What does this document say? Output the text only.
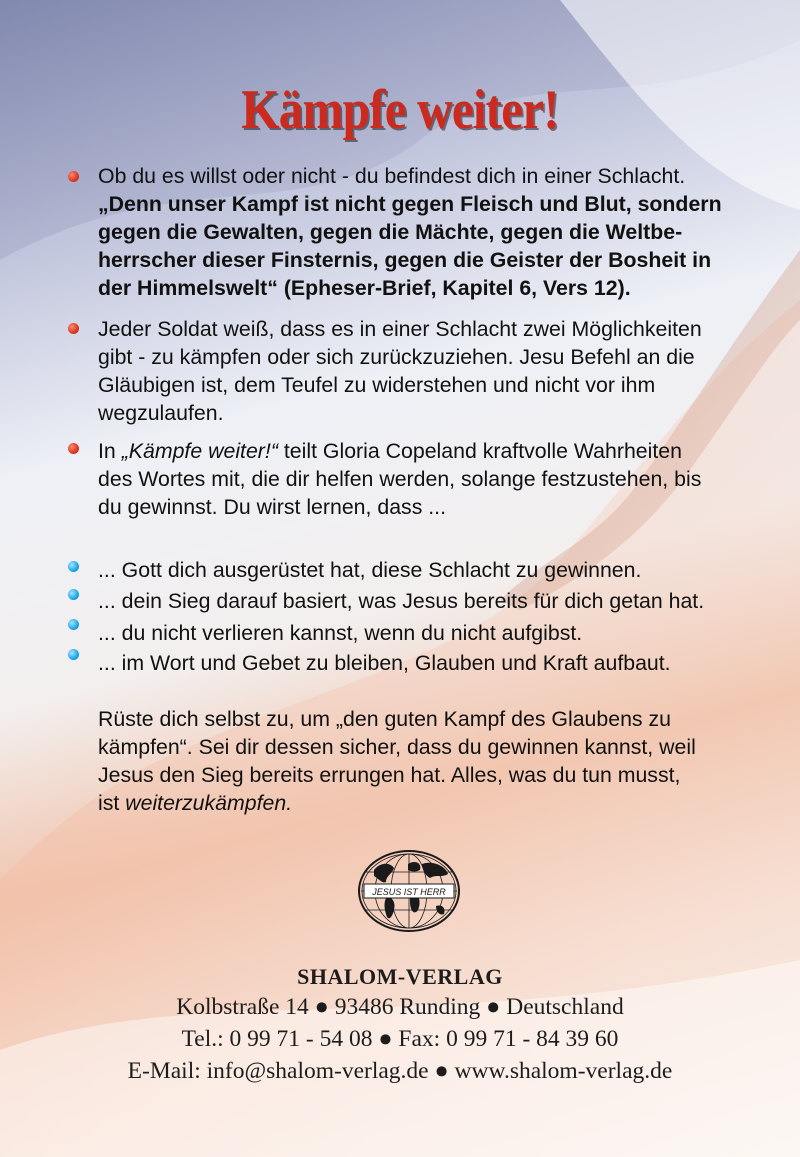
Kämpfe weiter!
Ob du es willst oder nicht - du befindest dich in einer Schlacht.
„Denn unser Kampf ist nicht gegen Fleisch und Blut, sondern
gegen die Gewalten, gegen die Mächte, gegen die Weltbe-
herrscher dieser Finsternis, gegen die Geister der Bosheit in
der Himmelswelt“ (Epheser-Brief, Kapitel 6, Vers 12).
Jeder Soldat weiß, dass es in einer Schlacht zwei Möglichkeiten
gibt - zu kämpfen oder sich zurückzuziehen. Jesu Befehl an die
Gläubigen ist, dem Teufel zu widerstehen und nicht vor ihm
wegzulaufen.
In „Kämpfe weiter!“ teilt Gloria Copeland kraftvolle Wahrheiten
des Wortes mit, die dir helfen werden, solange festzustehen, bis
du gewinnst. Du wirst lernen, dass ...
... Gott dich ausgerüstet hat, diese Schlacht zu gewinnen.
... dein Sieg darauf basiert, was Jesus bereits für dich getan hat.
... du nicht verlieren kannst, wenn du nicht aufgibst.
... im Wort und Gebet zu bleiben, Glauben und Kraft aufbaut.
Rüste dich selbst zu, um „den guten Kampf des Glaubens zu
kämpfen“. Sei dir dessen sicher, dass du gewinnen kannst, weil
Jesus den Sieg bereits errungen hat. Alles, was du tun musst,
ist weiterzukämpfen.
JESUS IST HERR
SHALOM-VERLAG
Kolbstraße 14 ● 93486 Runding ● Deutschland
Tel.: 0 99 71 - 54 08 ● Fax: 0 99 71 - 84 39 60
E-Mail: info@shalom-verlag.de ● www.shalom-verlag.de
